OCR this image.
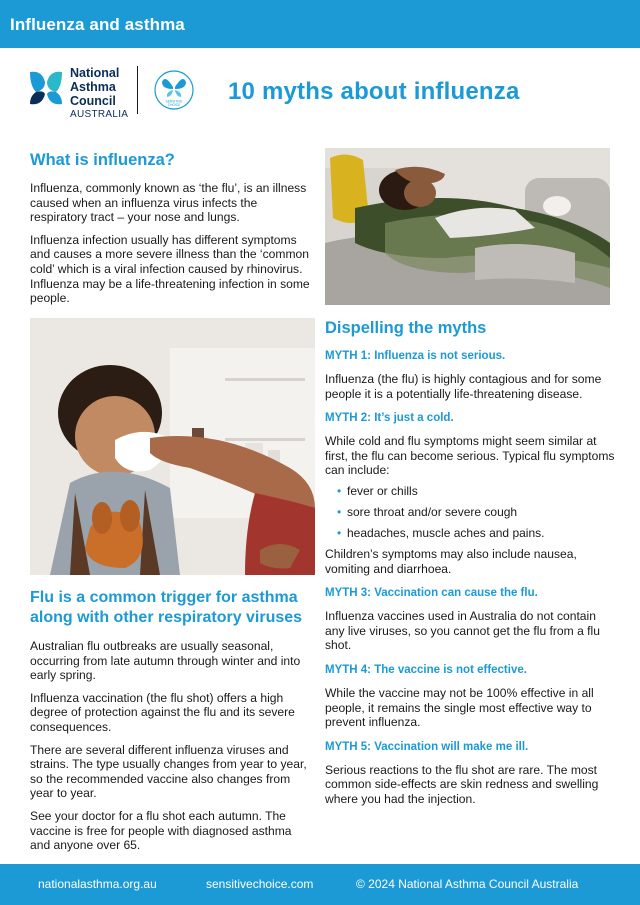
Influenza and asthma
National
Asthma
Council
AUSTRALIA
SENSITIVE
CHOICE 10 myths about influenza
What is influenza?

Influenza, commonly known as ‘the flu’, is an illness caused when an influenza virus infects the respiratory tract – your nose and lungs.

Influenza infection usually has different symptoms and causes a more severe illness than the ‘common cold’ which is a viral infection caused by rhinovirus. Influenza may be a life-threatening infection in some people.

Flu is a common trigger for asthma along with other respiratory viruses

Australian flu outbreaks are usually seasonal, occurring from late autumn through winter and into early spring.

Influenza vaccination (the flu shot) offers a high degree of protection against the flu and its severe consequences.

There are several different influenza viruses and strains. The type usually changes from year to year, so the recommended vaccine also changes from year to year.

See your doctor for a flu shot each autumn. The vaccine is free for people with diagnosed asthma and anyone over 65.

Dispelling the myths
MYTH 1: Influenza is not serious.

Influenza (the flu) is highly contagious and for some people it is a potentially life-threatening disease.

MYTH 2: It’s just a cold.

While cold and flu symptoms might seem similar at first, the flu can become serious. Typical flu symptoms can include:

• fever or chills
• sore throat and/or severe cough
• headaches, muscle aches and pains.

Children’s symptoms may also include nausea, vomiting and diarrhoea.

MYTH 3: Vaccination can cause the flu.

Influenza vaccines used in Australia do not contain any live viruses, so you cannot get the flu from a flu shot.

MYTH 4: The vaccine is not effective.

While the vaccine may not be 100% effective in all people, it remains the single most effective way to prevent influenza.

MYTH 5: Vaccination will make me ill.

Serious reactions to the flu shot are rare. The most common side-effects are skin redness and swelling where you had the injection.

nationalasthma.org.au	sensitivechoice.com	© 2024 National Asthma Council Australia
